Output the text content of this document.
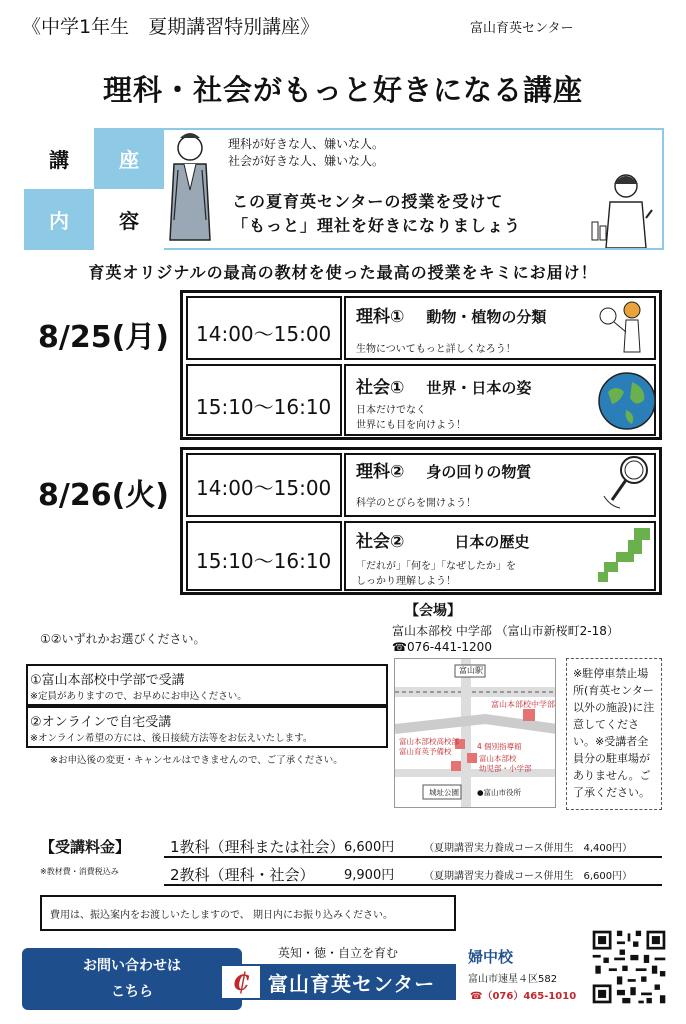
《中学1年生　夏期講習特別講座》	富山育英センター
理科・社会がもっと好きになる講座
講	座
内	容
理科が好きな人、嫌いな人。
社会が好きな人、嫌いな人。
この夏育英センターの授業を受けて
「もっと」理社を好きになりましょう
育英オリジナルの最高の教材を使った最高の授業をキミにお届け！
8/25(月) 14:00～15:00
理科① 動物・植物の分類
生物についてもっと詳しくなろう！
15:10～16:10
社会① 世界・日本の姿
日本だけでなく
世界にも目を向けよう！
8/26(火) 14:00～15:00
理科② 身の回りの物質
科学のとびらを開けよう！
15:10～16:10
社会②	日本の歴史
「だれが」「何を」「なぜしたか」を
しっかり理解しよう！
①②いずれかお選びください。
①富山本部校中学部で受講
※定員がありますので、お早めにお申込ください。
②オンラインで自宅受講
※オンライン希望の方には、後日接続方法等をお伝えいたします。
※お申込後の変更・キャンセルはできませんので、ご了承ください。
【会場】
富山本部校 中学部 （富山市新桜町2-18）
☎076-441-1200
富山駅
富山本部校中学部
富山本部校高校部
富山育英予備校
4 個別指導館
富山本部校
幼児部・小学部
城址公園 ●富山市役所
※駐停車禁止場所(育英センター以外の施設)に注意してください。※受講者全員分の駐車場がありません。ご了承ください。
【受講料金】
※教材費・消費税込み
1教科（理科または社会） 6,600円	（夏期講習実力養成コース併用生　4,400円）
2教科（理科・社会） 9,900円	（夏期講習実力養成コース併用生　6,600円）
費用は、振込案内をお渡しいたしますので、 期日内にお振り込みください。
お問い合わせは
こちら
英知・徳・自立を育む
₵ 富山育英センター
婦中校
富山市速星４区582
☎（076）465-1010
